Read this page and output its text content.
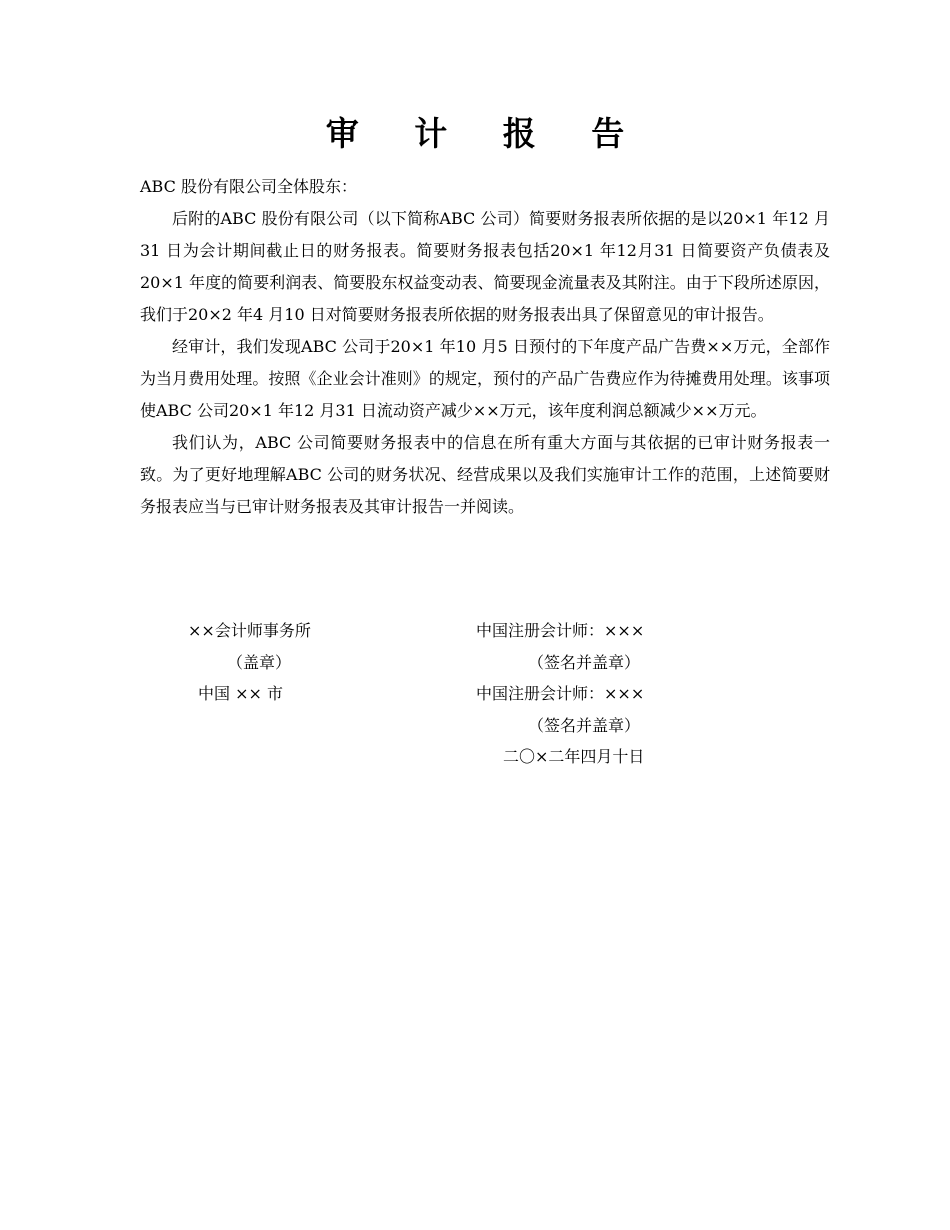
审 计 报 告

ABC 股份有限公司全体股东：

后附的ABC 股份有限公司（以下简称ABC 公司）简要财务报表所依据的是以20×1 年12 月31 日为会计期间截止日的财务报表。简要财务报表包括20×1 年12月31 日简要资产负债表及20×1 年度的简要利润表、简要股东权益变动表、简要现金流量表及其附注。由于下段所述原因，我们于20×2 年4 月10 日对简要财务报表所依据的财务报表出具了保留意见的审计报告。

经审计，我们发现ABC 公司于20×1 年10 月5 日预付的下年度产品广告费××万元，全部作为当月费用处理。按照《企业会计准则》的规定，预付的产品广告费应作为待摊费用处理。该事项使ABC 公司20×1 年12 月31 日流动资产减少××万元，该年度利润总额减少××万元。

我们认为，ABC 公司简要财务报表中的信息在所有重大方面与其依据的已审计财务报表一致。为了更好地理解ABC 公司的财务状况、经营成果以及我们实施审计工作的范围，上述简要财务报表应当与已审计财务报表及其审计报告一并阅读。

××会计师事务所
（盖章）
中国 ×× 市
中国注册会计师：×××
（签名并盖章）
中国注册会计师：×××
（签名并盖章）
二〇×二年四月十日
